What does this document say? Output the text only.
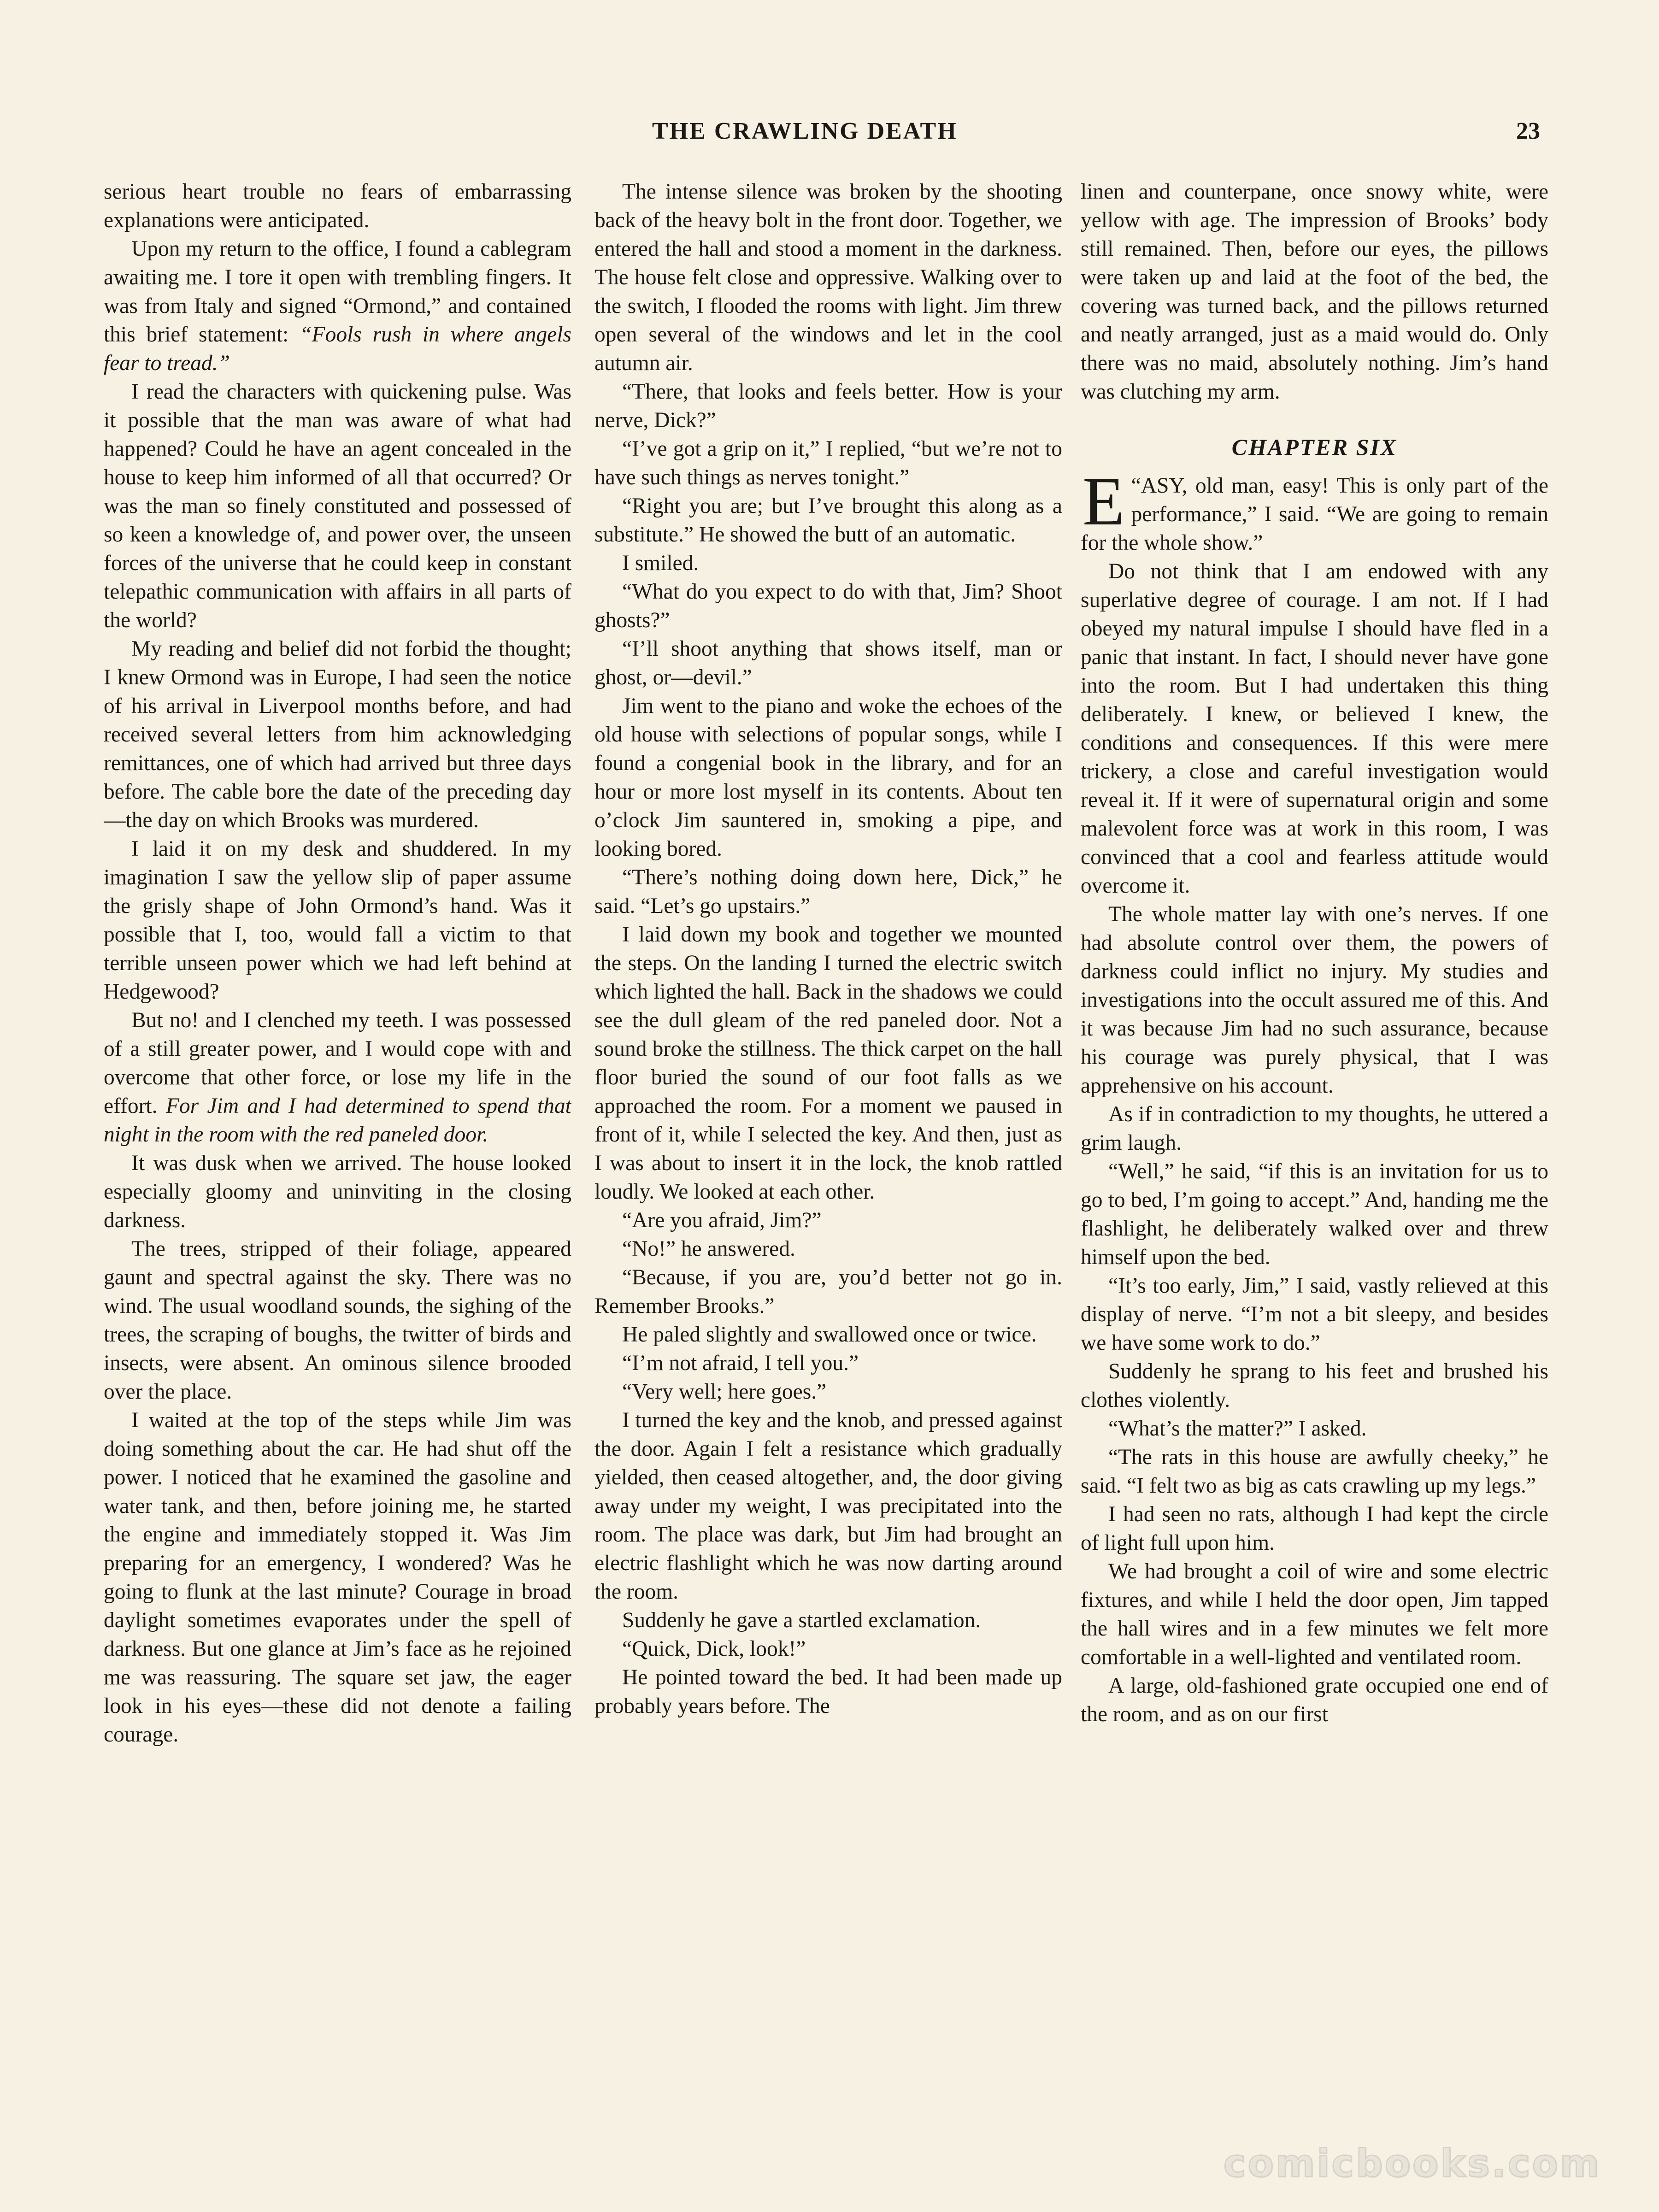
THE CRAWLING DEATH	23

serious heart trouble no fears of embarrassing explanations were anticipated.

Upon my return to the office, I found a cablegram awaiting me. I tore it open with trembling fingers. It was from Italy and signed “Ormond,” and contained this brief statement: “Fools rush in where angels fear to tread.”

I read the characters with quickening pulse. Was it possible that the man was aware of what had happened? Could he have an agent concealed in the house to keep him informed of all that occurred? Or was the man so finely constituted and possessed of so keen a knowledge of, and power over, the unseen forces of the universe that he could keep in constant telepathic communication with affairs in all parts of the world?

My reading and belief did not forbid the thought; I knew Ormond was in Europe, I had seen the notice of his arrival in Liverpool months before, and had received several letters from him acknowledging remittances, one of which had arrived but three days before. The cable bore the date of the preceding day—the day on which Brooks was murdered.

I laid it on my desk and shuddered. In my imagination I saw the yellow slip of paper assume the grisly shape of John Ormond’s hand. Was it possible that I, too, would fall a victim to that terrible unseen power which we had left behind at Hedgewood?

But no! and I clenched my teeth. I was possessed of a still greater power, and I would cope with and overcome that other force, or lose my life in the effort. For Jim and I had determined to spend that night in the room with the red paneled door.

It was dusk when we arrived. The house looked especially gloomy and uninviting in the closing darkness.

The trees, stripped of their foliage, appeared gaunt and spectral against the sky. There was no wind. The usual woodland sounds, the sighing of the trees, the scraping of boughs, the twitter of birds and insects, were absent. An ominous silence brooded over the place.

I waited at the top of the steps while Jim was doing something about the car. He had shut off the power. I noticed that he examined the gasoline and water tank, and then, before joining me, he started the engine and immediately stopped it. Was Jim preparing for an emergency, I wondered? Was he going to flunk at the last minute? Courage in broad daylight sometimes evaporates under the spell of darkness. But one glance at Jim’s face as he rejoined me was reassuring. The square set jaw, the eager look in his eyes—these did not denote a failing courage.

The intense silence was broken by the shooting back of the heavy bolt in the front door. Together, we entered the hall and stood a moment in the darkness. The house felt close and oppressive. Walking over to the switch, I flooded the rooms with light. Jim threw open several of the windows and let in the cool autumn air.

“There, that looks and feels better. How is your nerve, Dick?”

“I’ve got a grip on it,” I replied, “but we’re not to have such things as nerves tonight.”

“Right you are; but I’ve brought this along as a substitute.” He showed the butt of an automatic.

I smiled.

“What do you expect to do with that, Jim? Shoot ghosts?”

“I’ll shoot anything that shows itself, man or ghost, or—devil.”

Jim went to the piano and woke the echoes of the old house with selections of popular songs, while I found a congenial book in the library, and for an hour or more lost myself in its contents. About ten o’clock Jim sauntered in, smoking a pipe, and looking bored.

“There’s nothing doing down here, Dick,” he said. “Let’s go upstairs.”

I laid down my book and together we mounted the steps. On the landing I turned the electric switch which lighted the hall. Back in the shadows we could see the dull gleam of the red paneled door. Not a sound broke the stillness. The thick carpet on the hall floor buried the sound of our foot falls as we approached the room. For a moment we paused in front of it, while I selected the key. And then, just as I was about to insert it in the lock, the knob rattled loudly. We looked at each other.

“Are you afraid, Jim?”

“No!” he answered.

“Because, if you are, you’d better not go in. Remember Brooks.”

He paled slightly and swallowed once or twice.

“I’m not afraid, I tell you.”

“Very well; here goes.”

I turned the key and the knob, and pressed against the door. Again I felt a resistance which gradually yielded, then ceased altogether, and, the door giving away under my weight, I was precipitated into the room. The place was dark, but Jim had brought an electric flashlight which he was now darting around the room.

Suddenly he gave a startled exclamation.

“Quick, Dick, look!”

He pointed toward the bed. It had been made up probably years before. The

linen and counterpane, once snowy white, were yellow with age. The impression of Brooks’ body still remained. Then, before our eyes, the pillows were taken up and laid at the foot of the bed, the covering was turned back, and the pillows returned and neatly arranged, just as a maid would do. Only there was no maid, absolutely nothing. Jim’s hand was clutching my arm.

CHAPTER SIX

“
E ASY, old man, easy! This is only part of the performance,” I said. “We are going to remain for the whole show.”

Do not think that I am endowed with any superlative degree of courage. I am not. If I had obeyed my natural impulse I should have fled in a panic that instant. In fact, I should never have gone into the room. But I had undertaken this thing deliberately. I knew, or believed I knew, the conditions and consequences. If this were mere trickery, a close and careful investigation would reveal it. If it were of supernatural origin and some malevolent force was at work in this room, I was convinced that a cool and fearless attitude would overcome it.

The whole matter lay with one’s nerves. If one had absolute control over them, the powers of darkness could inflict no injury. My studies and investigations into the occult assured me of this. And it was because Jim had no such assurance, because his courage was purely physical, that I was apprehensive on his account.

As if in contradiction to my thoughts, he uttered a grim laugh.

“Well,” he said, “if this is an invitation for us to go to bed, I’m going to accept.” And, handing me the flashlight, he deliberately walked over and threw himself upon the bed.

“It’s too early, Jim,” I said, vastly relieved at this display of nerve. “I’m not a bit sleepy, and besides we have some work to do.”

Suddenly he sprang to his feet and brushed his clothes violently.

“What’s the matter?” I asked.

“The rats in this house are awfully cheeky,” he said. “I felt two as big as cats crawling up my legs.”

I had seen no rats, although I had kept the circle of light full upon him.

We had brought a coil of wire and some electric fixtures, and while I held the door open, Jim tapped the hall wires and in a few minutes we felt more comfortable in a well-lighted and ventilated room.

A large, old-fashioned grate occupied one end of the room, and as on our first

comicbooks.com
